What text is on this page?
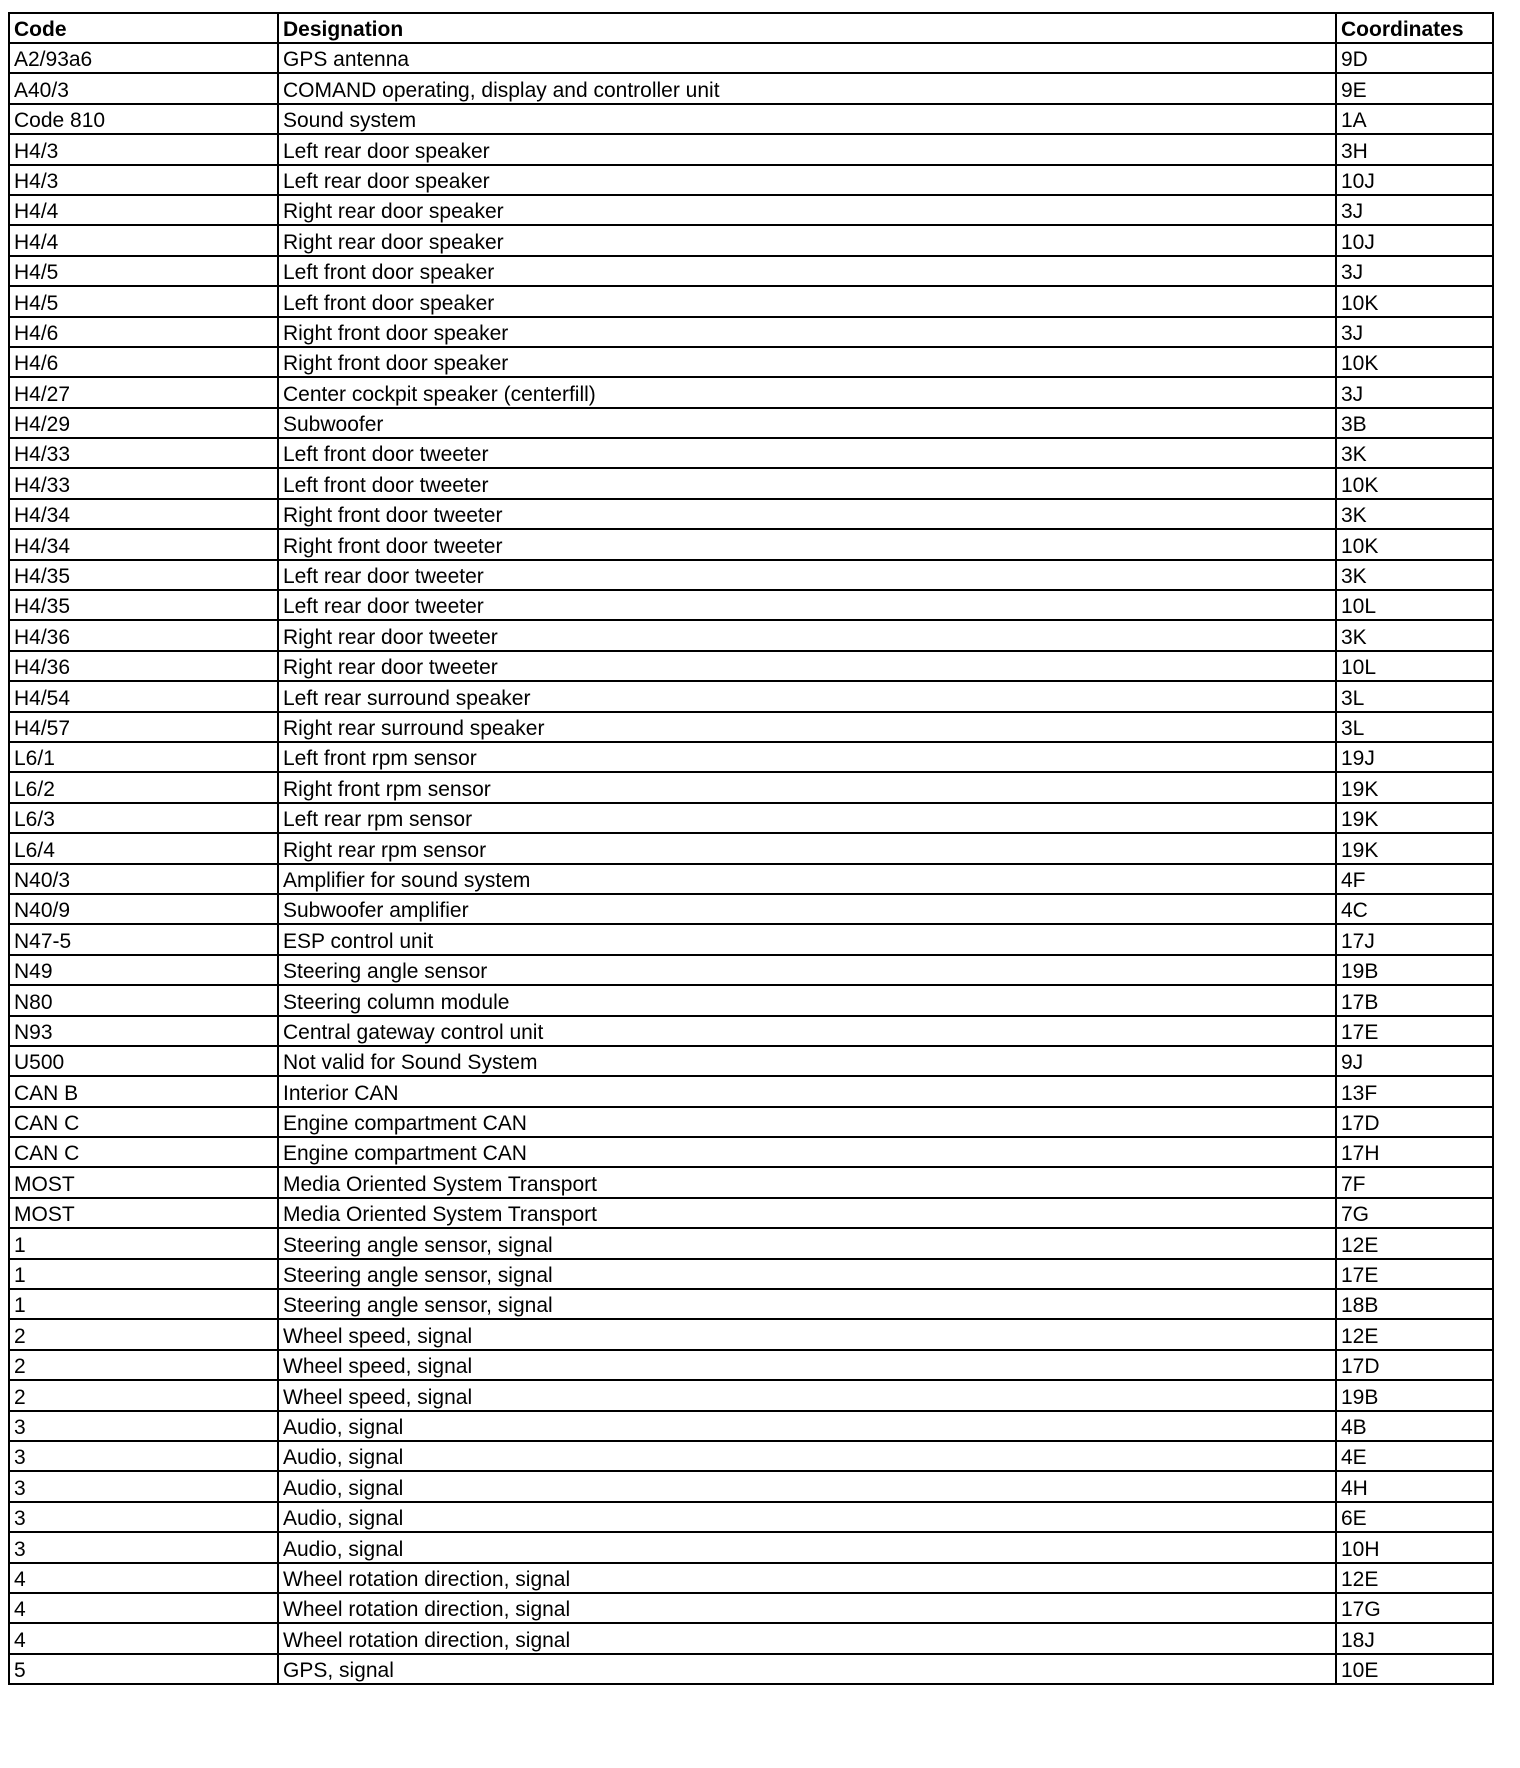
Code	Designation	Coordinates
A2/93a6	GPS antenna	9D
A40/3	COMAND operating, display and controller unit	9E
Code 810	Sound system	1A
H4/3	Left rear door speaker	3H
H4/3	Left rear door speaker	10J
H4/4	Right rear door speaker	3J
H4/4	Right rear door speaker	10J
H4/5	Left front door speaker	3J
H4/5	Left front door speaker	10K
H4/6	Right front door speaker	3J
H4/6	Right front door speaker	10K
H4/27	Center cockpit speaker (centerfill)	3J
H4/29	Subwoofer	3B
H4/33	Left front door tweeter	3K
H4/33	Left front door tweeter	10K
H4/34	Right front door tweeter	3K
H4/34	Right front door tweeter	10K
H4/35	Left rear door tweeter	3K
H4/35	Left rear door tweeter	10L
H4/36	Right rear door tweeter	3K
H4/36	Right rear door tweeter	10L
H4/54	Left rear surround speaker	3L
H4/57	Right rear surround speaker	3L
L6/1	Left front rpm sensor	19J
L6/2	Right front rpm sensor	19K
L6/3	Left rear rpm sensor	19K
L6/4	Right rear rpm sensor	19K
N40/3	Amplifier for sound system	4F
N40/9	Subwoofer amplifier	4C
N47-5	ESP control unit	17J
N49	Steering angle sensor	19B
N80	Steering column module	17B
N93	Central gateway control unit	17E
U500	Not valid for Sound System	9J
CAN B	Interior CAN	13F
CAN C	Engine compartment CAN	17D
CAN C	Engine compartment CAN	17H
MOST	Media Oriented System Transport	7F
MOST	Media Oriented System Transport	7G
1	Steering angle sensor, signal	12E
1	Steering angle sensor, signal	17E
1	Steering angle sensor, signal	18B
2	Wheel speed, signal	12E
2	Wheel speed, signal	17D
2	Wheel speed, signal	19B
3	Audio, signal	4B
3	Audio, signal	4E
3	Audio, signal	4H
3	Audio, signal	6E
3	Audio, signal	10H
4	Wheel rotation direction, signal	12E
4	Wheel rotation direction, signal	17G
4	Wheel rotation direction, signal	18J
5	GPS, signal	10E
